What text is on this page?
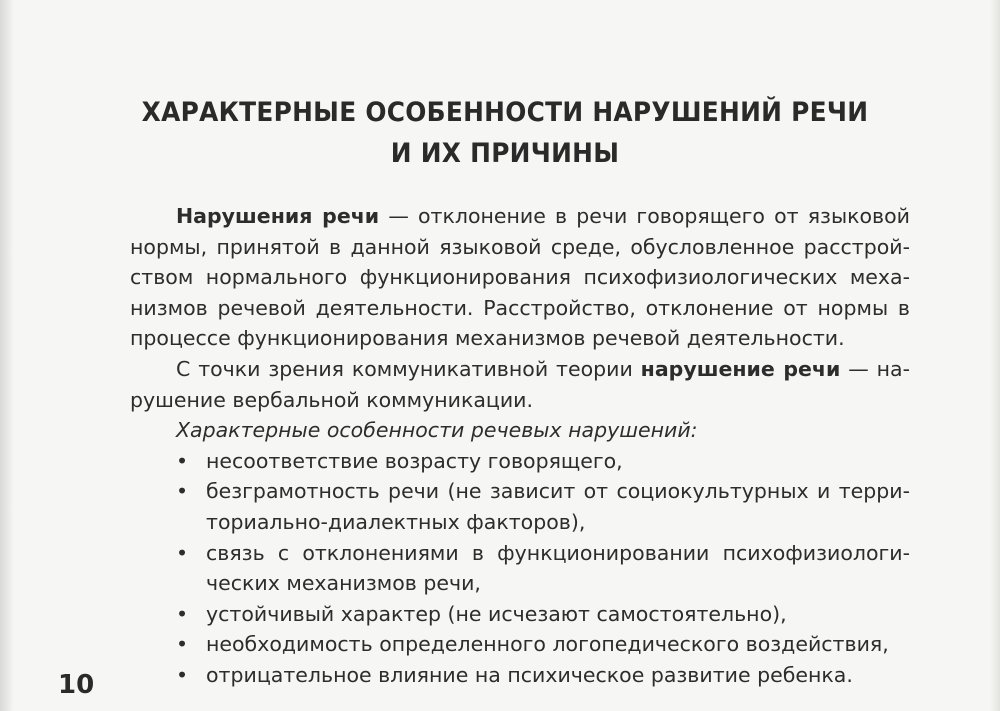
ХАРАКТЕРНЫЕ ОСОБЕННОСТИ НАРУШЕНИЙ РЕЧИ
И ИХ ПРИЧИНЫ
Нарушения речи — отклонение в речи говорящего от языковой
нормы, принятой в данной языковой среде, обусловленное расстрой-
ством нормального функционирования психофизиологических меха-
низмов речевой деятельности. Расстройство, отклонение от нормы в
процессе функционирования механизмов речевой деятельности.
С точки зрения коммуникативной теории нарушение речи — на-
рушение вербальной коммуникации.
Характерные особенности речевых нарушений:
• несоответствие возрасту говорящего,
• безграмотность речи (не зависит от социокультурных и терри-
ториально-диалектных факторов),
• связь с отклонениями в функционировании психофизиологи-
ческих механизмов речи,
• устойчивый характер (не исчезают самостоятельно),
• необходимость определенного логопедического воздействия,
• отрицательное влияние на психическое развитие ребенка.
10
